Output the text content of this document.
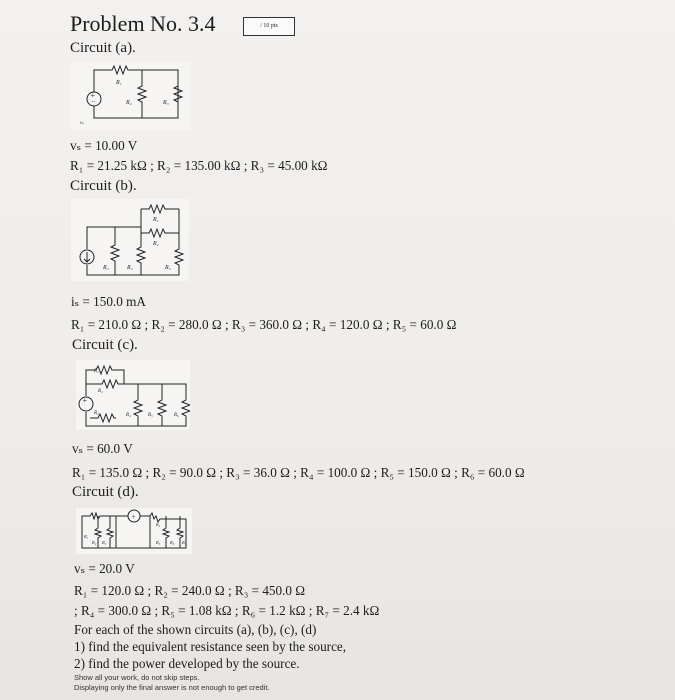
Problem No. 3.4	/ 10 pts
Circuit (a).
+
−
R₁
R₂	R₃
vₛ
vₛ = 10.00 V
R₁ = 21.25 kΩ ; R₂ = 135.00 kΩ ; R₃ = 45.00 kΩ
Circuit (b).
R₁
R₂
R₃	R₄	R₅
iₛ = 150.0 mA
R₁ = 210.0 Ω ; R₂ = 280.0 Ω ; R₃ = 360.0 Ω ; R₄ = 120.0 Ω ; R₅ = 60.0 Ω
Circuit (c).
+
R₁
R₂
R₃	R₄	R₅	R₆
vₛ = 60.0 V
R₁ = 135.0 Ω ; R₂ = 90.0 Ω ; R₃ = 36.0 Ω ; R₄ = 100.0 Ω ; R₅ = 150.0 Ω ; R₆ = 60.0 Ω
Circuit (d).
+
R₁
R₂ R₃
R₄
R₅ R₆ R₇
vₛ = 20.0 V
R₁ = 120.0 Ω ; R₂ = 240.0 Ω ; R₃ = 450.0 Ω
; R₄ = 300.0 Ω ; R₅ = 1.08 kΩ ; R₆ = 1.2 kΩ ; R₇ = 2.4 kΩ
For each of the shown circuits (a), (b), (c), (d)
1) find the equivalent resistance seen by the source,
2) find the power developed by the source.
Show all your work, do not skip steps.
Displaying only the final answer is not enough to get credit.
